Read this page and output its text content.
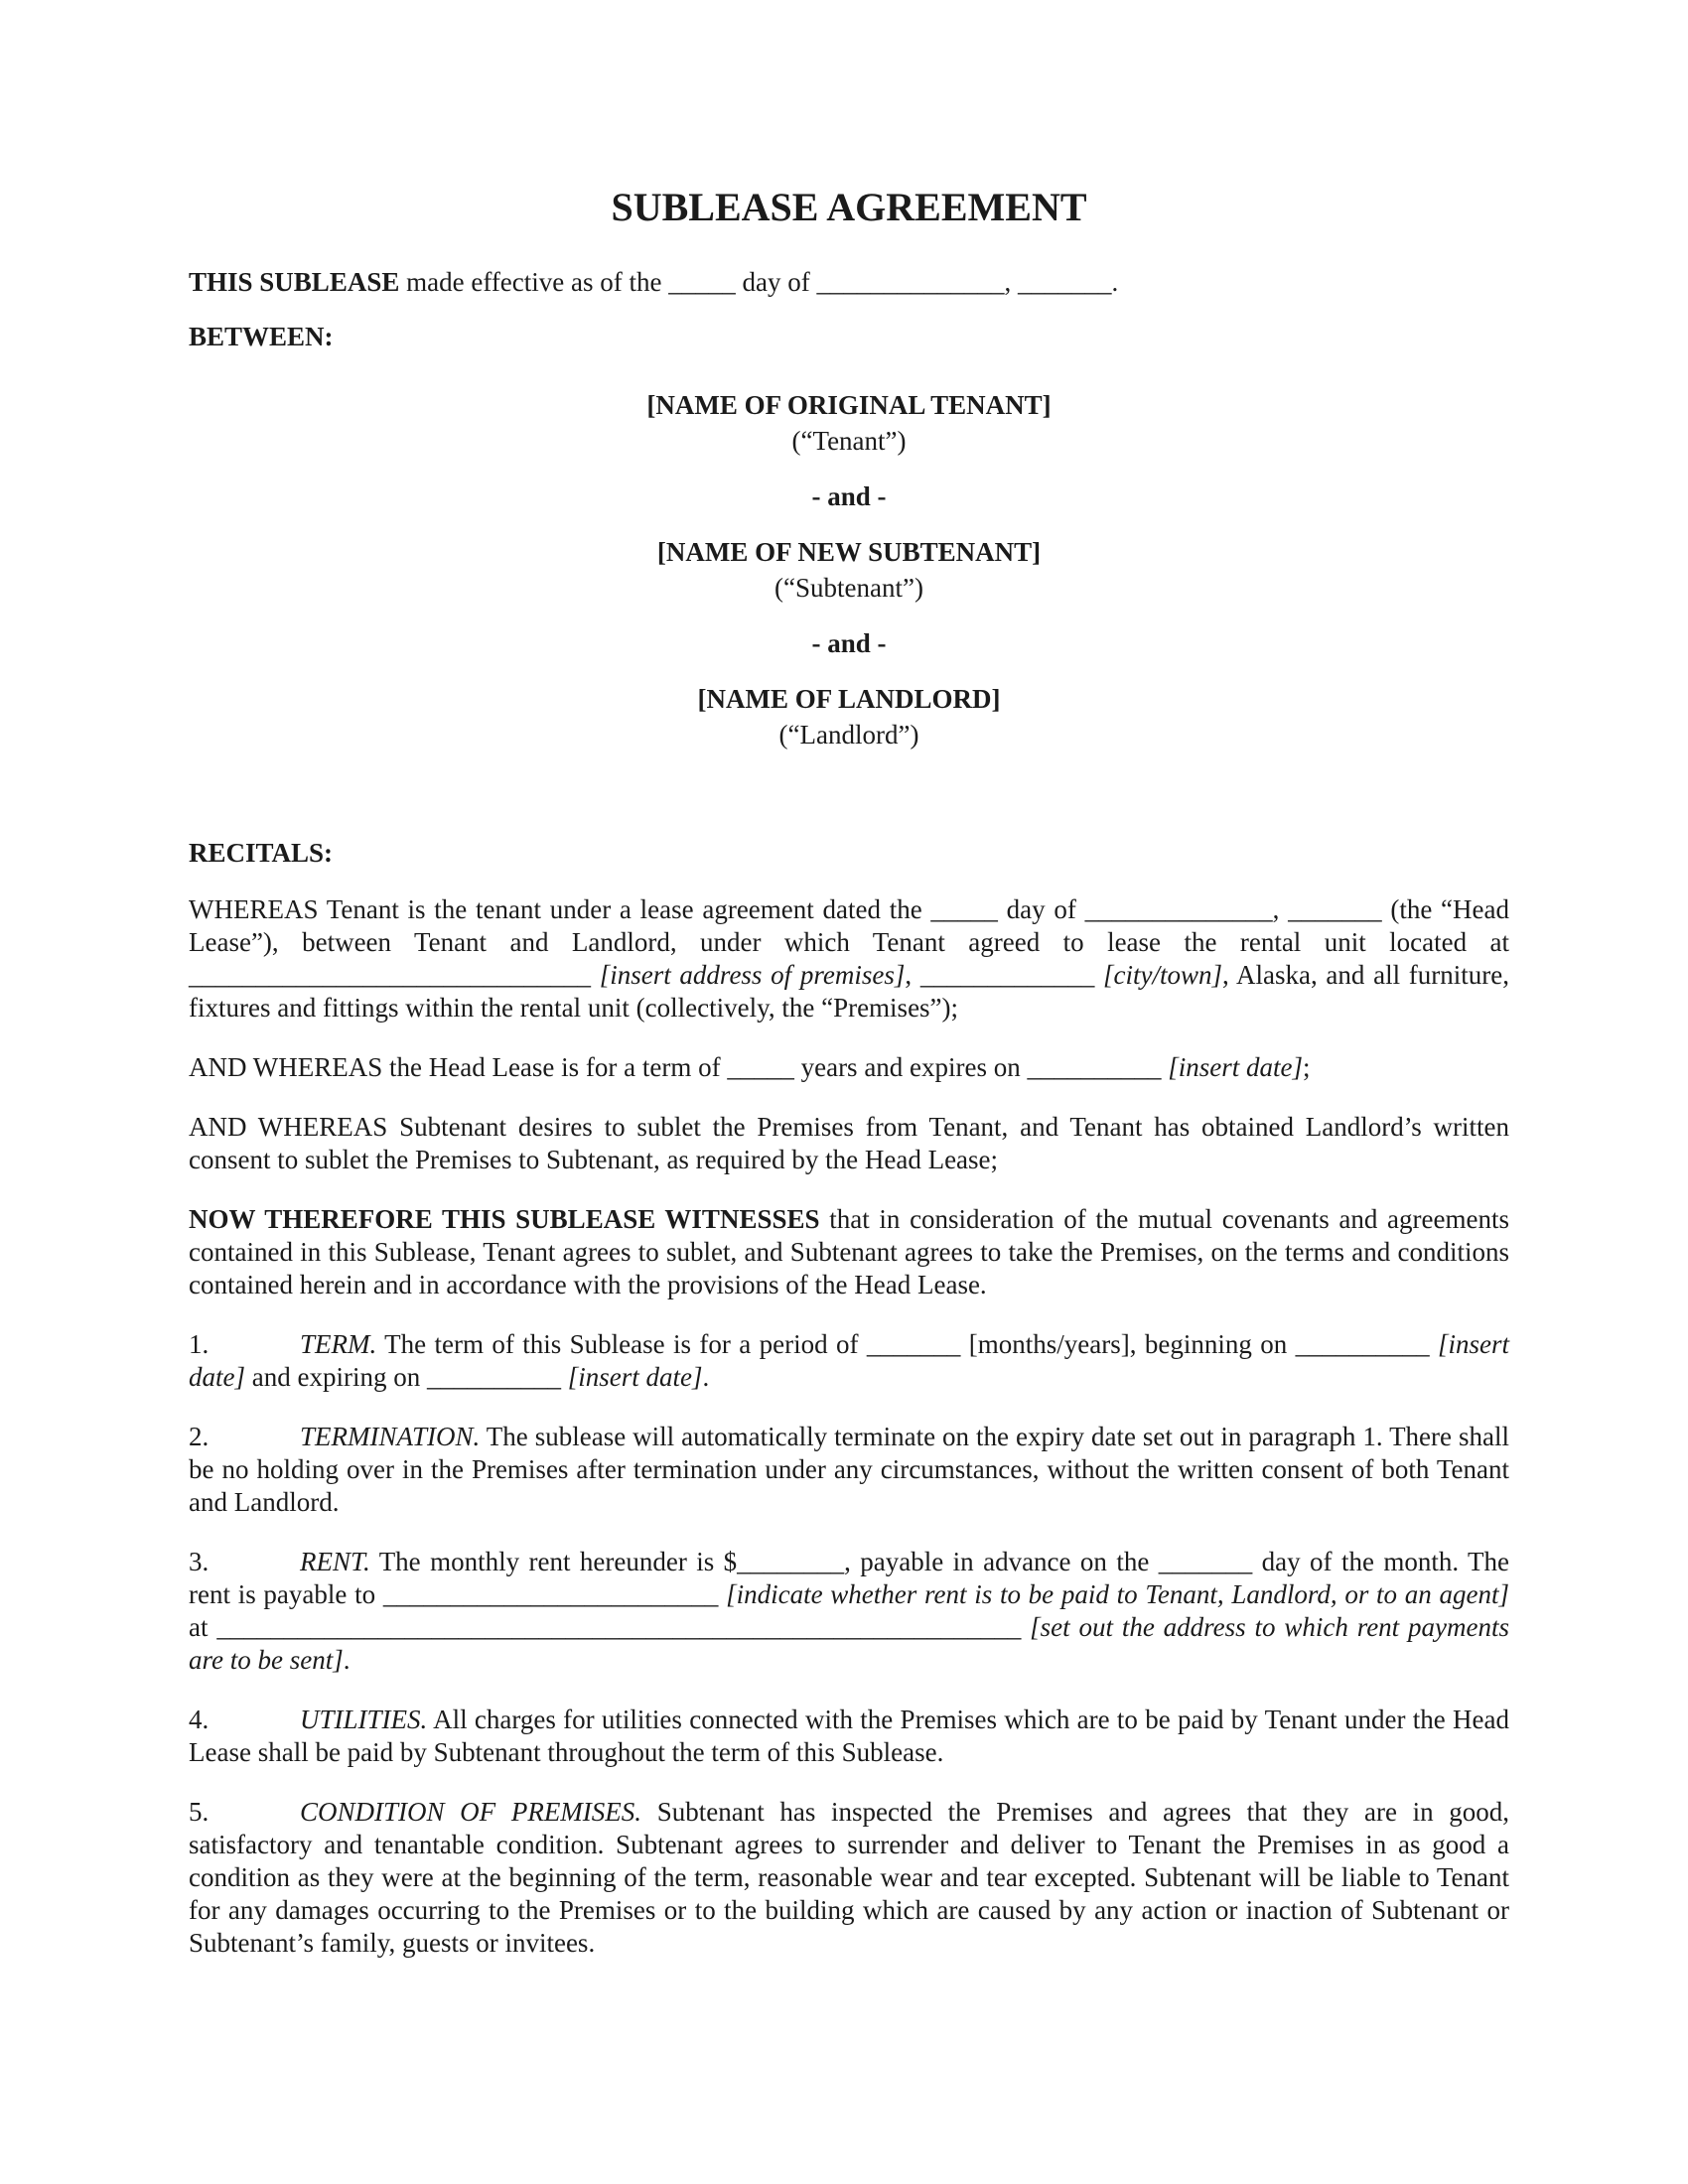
SUBLEASE AGREEMENT

THIS SUBLEASE made effective as of the _____ day of ______________, _______.

BETWEEN:

[NAME OF ORIGINAL TENANT]

(“Tenant”)

- and -

[NAME OF NEW SUBTENANT]

(“Subtenant”)

- and -

[NAME OF LANDLORD]

(“Landlord”)

RECITALS:

WHEREAS Tenant is the tenant under a lease agreement dated the _____ day of ______________, _______ (the “Head Lease”), between Tenant and Landlord, under which Tenant agreed to lease the rental unit located at ______________________________ [insert address of premises], _____________ [city/town], Alaska, and all furniture, fixtures and fittings within the rental unit (collectively, the “Premises”);

AND WHEREAS the Head Lease is for a term of _____ years and expires on __________ [insert date];

AND WHEREAS Subtenant desires to sublet the Premises from Tenant, and Tenant has obtained Landlord’s written consent to sublet the Premises to Subtenant, as required by the Head Lease;

NOW THEREFORE THIS SUBLEASE WITNESSES that in consideration of the mutual covenants and agreements contained in this Sublease, Tenant agrees to sublet, and Subtenant agrees to take the Premises, on the terms and conditions contained herein and in accordance with the provisions of the Head Lease.

1.	TERM. The term of this Sublease is for a period of _______ [months/years], beginning on __________ [insert date] and expiring on __________ [insert date].

2.	TERMINATION. The sublease will automatically terminate on the expiry date set out in paragraph 1. There shall be no holding over in the Premises after termination under any circumstances, without the written consent of both Tenant and Landlord.

3.	RENT. The monthly rent hereunder is $________, payable in advance on the _______ day of the month. The rent is payable to _________________________ [indicate whether rent is to be paid to Tenant, Landlord, or to an agent] at ____________________________________________________________ [set out the address to which rent payments are to be sent].

4.	UTILITIES. All charges for utilities connected with the Premises which are to be paid by Tenant under the Head Lease shall be paid by Subtenant throughout the term of this Sublease.

5.	CONDITION OF PREMISES. Subtenant has inspected the Premises and agrees that they are in good, satisfactory and tenantable condition. Subtenant agrees to surrender and deliver to Tenant the Premises in as good a condition as they were at the beginning of the term, reasonable wear and tear excepted. Subtenant will be liable to Tenant for any damages occurring to the Premises or to the building which are caused by any action or inaction of Subtenant or Subtenant’s family, guests or invitees.
